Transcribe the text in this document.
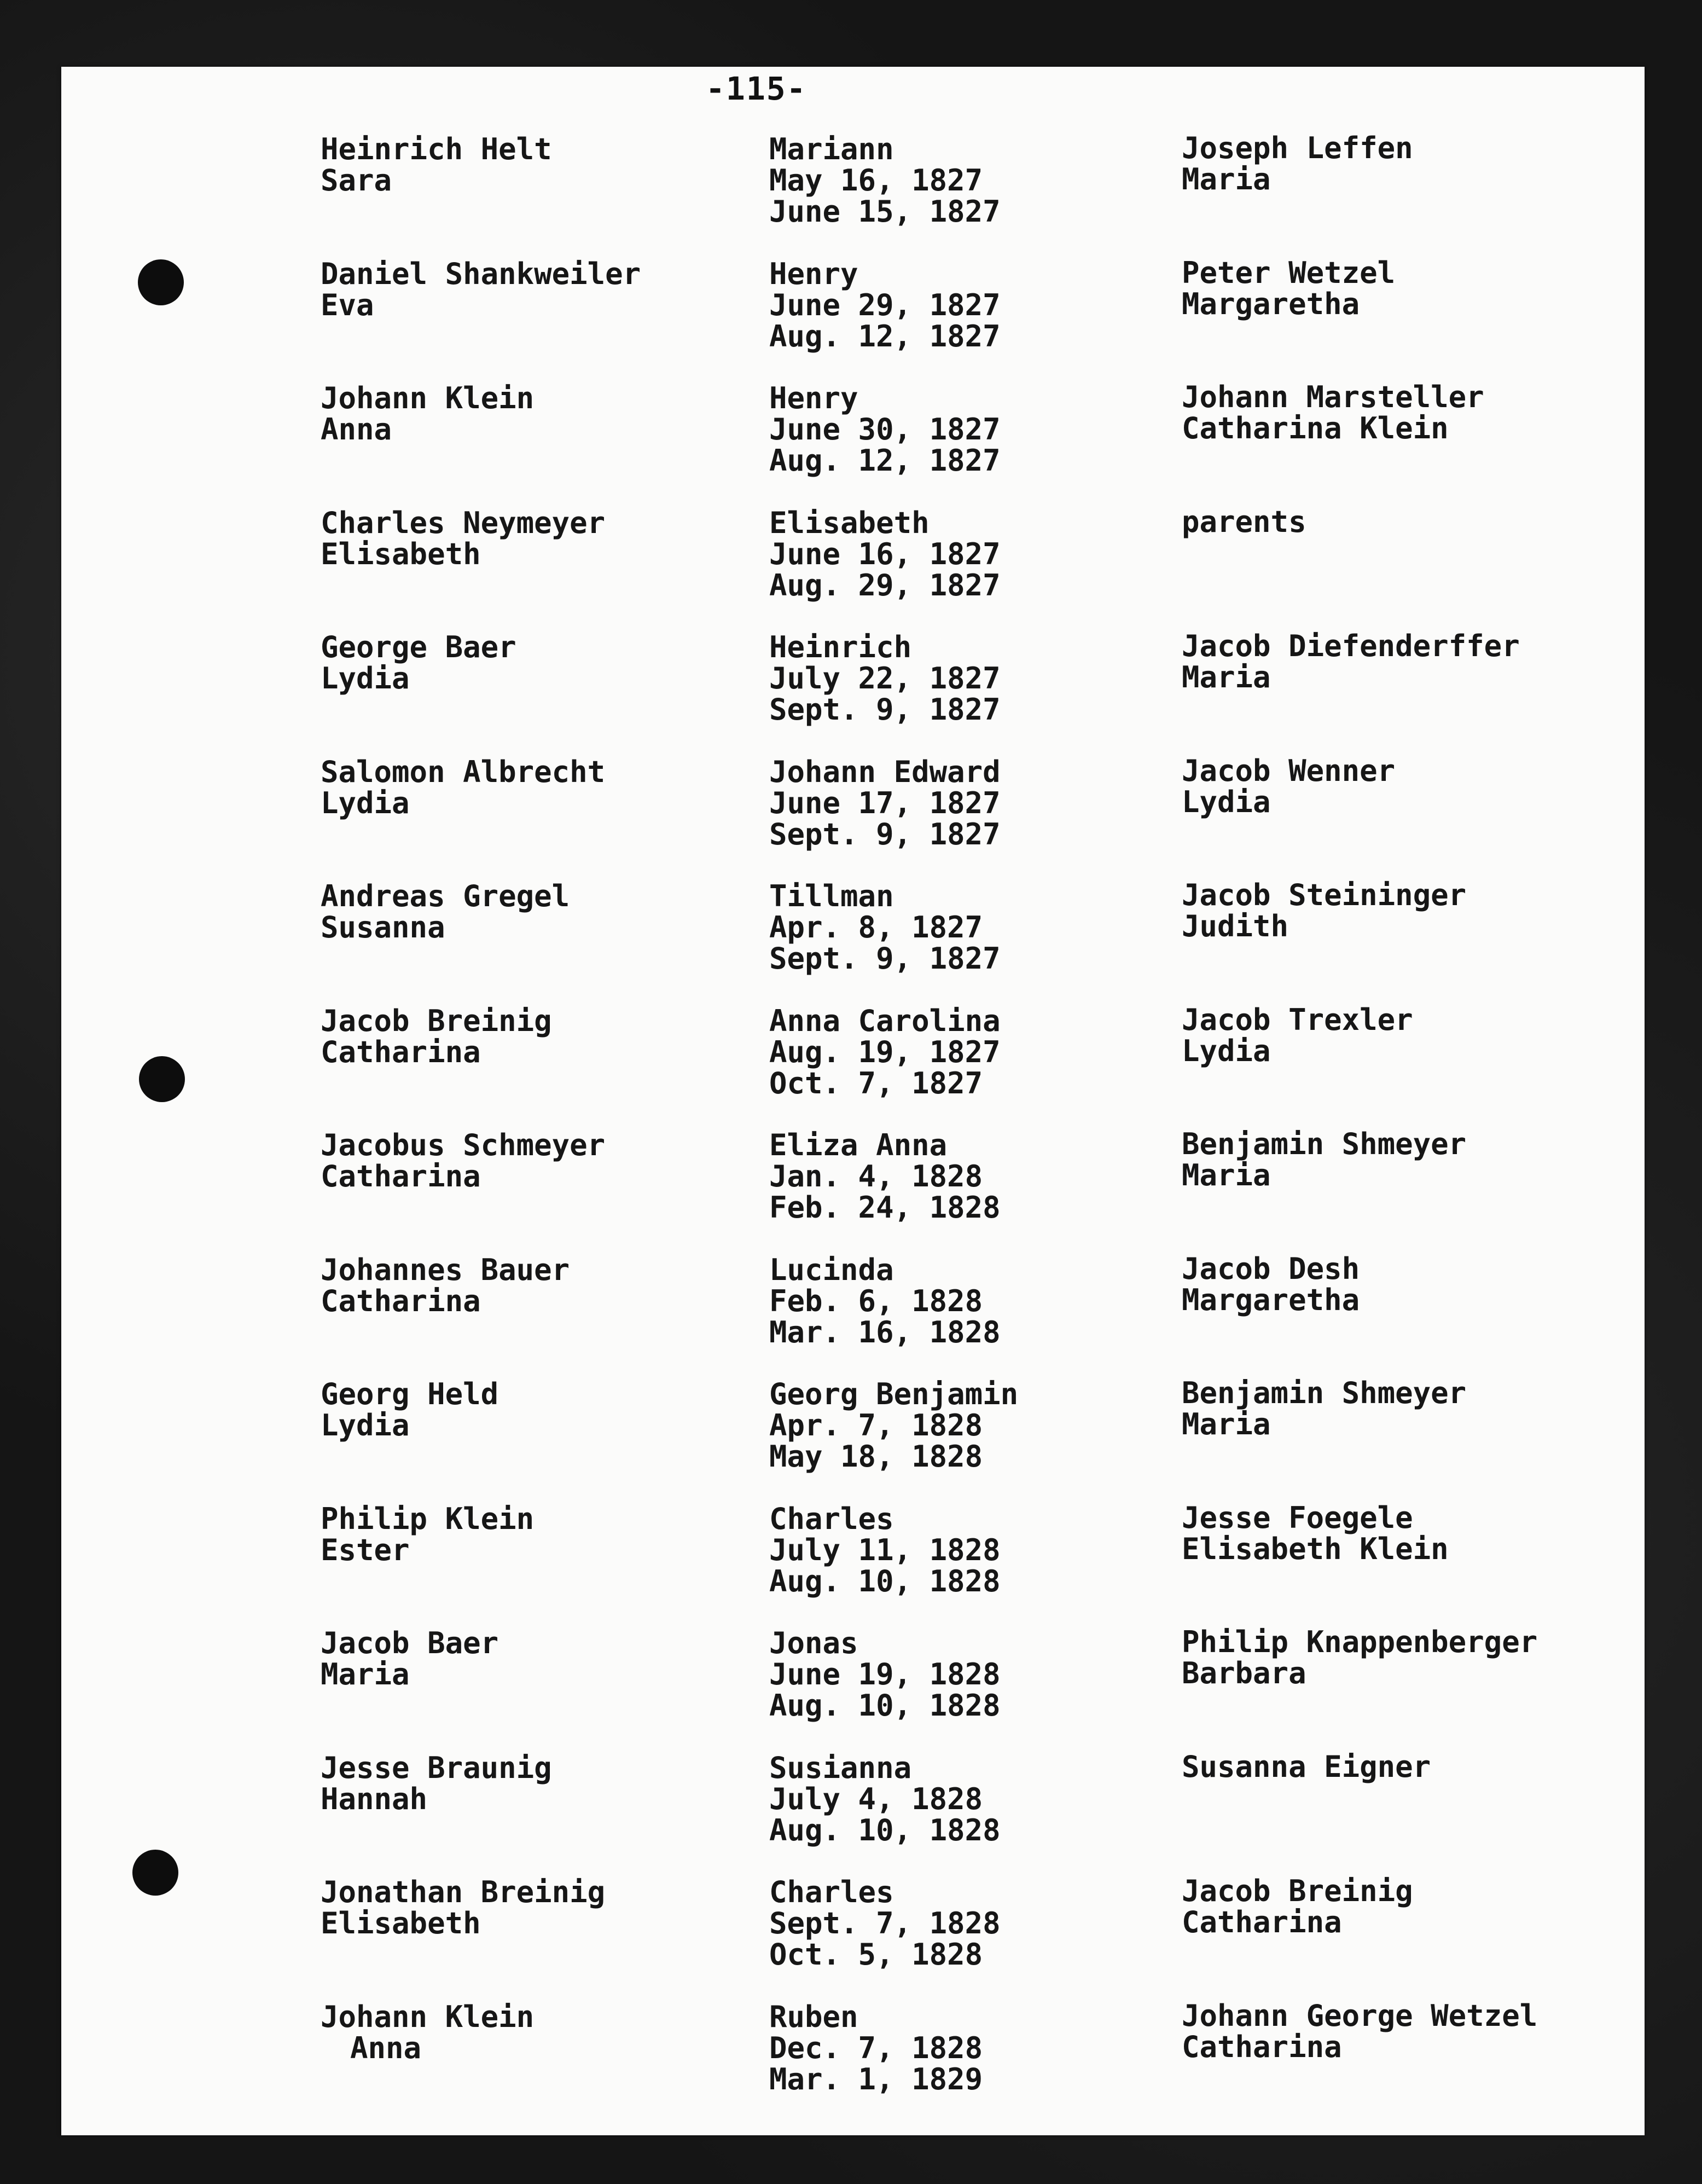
-115-
Heinrich Helt
Sara
Mariann
May 16, 1827
June 15, 1827
Joseph Leffen
Maria
Daniel Shankweiler
Eva
Henry
June 29, 1827
Aug. 12, 1827
Peter Wetzel
Margaretha
Johann Klein
Anna
Henry
June 30, 1827
Aug. 12, 1827
Johann Marsteller
Catharina Klein
Charles Neymeyer
Elisabeth
Elisabeth
June 16, 1827
Aug. 29, 1827
parents
George Baer
Lydia
Heinrich
July 22, 1827
Sept. 9, 1827
Jacob Diefenderffer
Maria
Salomon Albrecht
Lydia
Johann Edward
June 17, 1827
Sept. 9, 1827
Jacob Wenner
Lydia
Andreas Gregel
Susanna
Tillman
Apr. 8, 1827
Sept. 9, 1827
Jacob Steininger
Judith
Jacob Breinig
Catharina
Anna Carolina
Aug. 19, 1827
Oct. 7, 1827
Jacob Trexler
Lydia
Jacobus Schmeyer
Catharina
Eliza Anna
Jan. 4, 1828
Feb. 24, 1828
Benjamin Shmeyer
Maria
Johannes Bauer
Catharina
Lucinda
Feb. 6, 1828
Mar. 16, 1828
Jacob Desh
Margaretha
Georg Held
Lydia
Georg Benjamin
Apr. 7, 1828
May 18, 1828
Benjamin Shmeyer
Maria
Philip Klein
Ester
Charles
July 11, 1828
Aug. 10, 1828
Jesse Foegele
Elisabeth Klein
Jacob Baer
Maria
Jonas
June 19, 1828
Aug. 10, 1828
Philip Knappenberger
Barbara
Jesse Braunig
Hannah
Susianna
July 4, 1828
Aug. 10, 1828
Susanna Eigner
Jonathan Breinig
Elisabeth
Charles
Sept. 7, 1828
Oct. 5, 1828
Jacob Breinig
Catharina
Johann Klein
Anna
Ruben
Dec. 7, 1828
Mar. 1, 1829
Johann George Wetzel
Catharina
